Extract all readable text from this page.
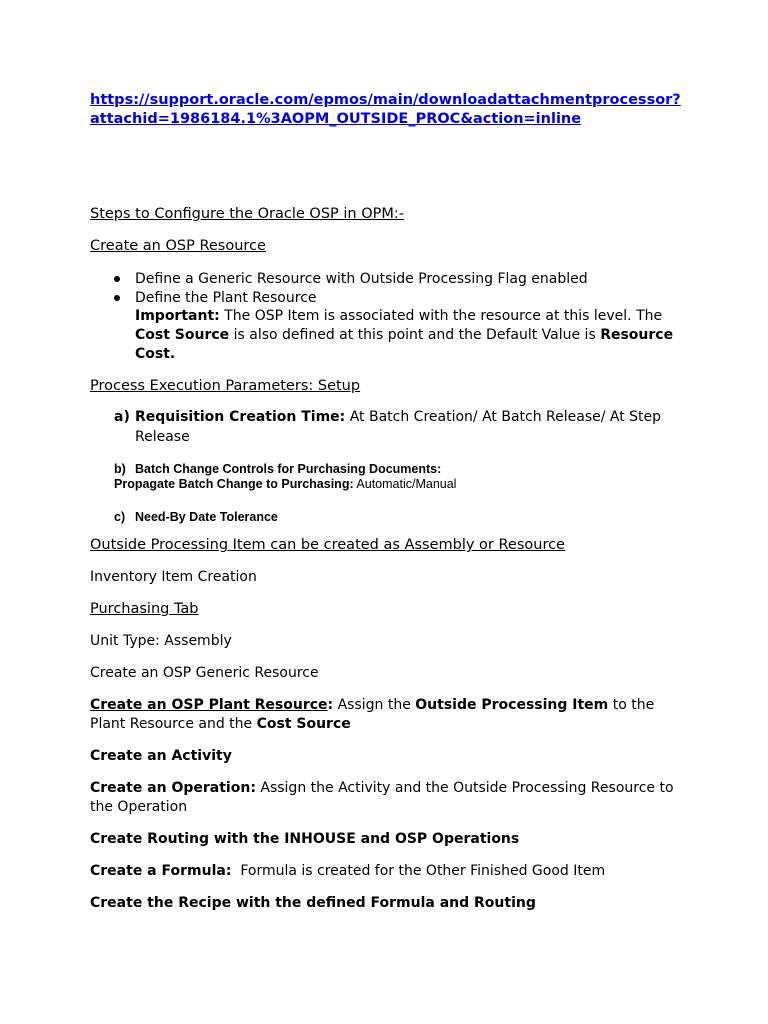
https://support.oracle.com/epmos/main/downloadattachmentprocessor?

attachid=1986184.1%3AOPM_OUTSIDE_PROC&action=inline

Steps to Configure the Oracle OSP in OPM:-

Create an OSP Resource

Define a Generic Resource with Outside Processing Flag enabled

Define the Plant Resource

Important: The OSP Item is associated with the resource at this level. The

Cost Source is also defined at this point and the Default Value is Resource

Cost.

Process Execution Parameters: Setup

a) Requisition Creation Time: At Batch Creation/ At Batch Release/ At Step

Release

b) Batch Change Controls for Purchasing Documents:

Propagate Batch Change to Purchasing: Automatic/Manual

c) Need-By Date Tolerance

Outside Processing Item can be created as Assembly or Resource

Inventory Item Creation

Purchasing Tab

Unit Type: Assembly

Create an OSP Generic Resource

Create an OSP Plant Resource: Assign the Outside Processing Item to the

Plant Resource and the Cost Source

Create an Activity

Create an Operation: Assign the Activity and the Outside Processing Resource to

the Operation

Create Routing with the INHOUSE and OSP Operations

Create a Formula:  Formula is created for the Other Finished Good Item

Create the Recipe with the defined Formula and Routing
